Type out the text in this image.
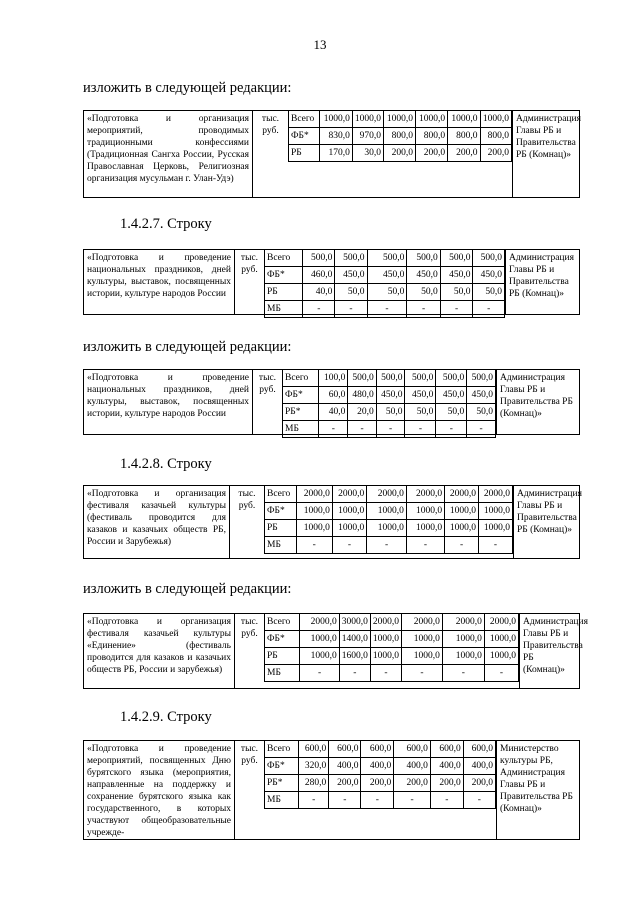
13
изложить в следующей редакции:
«Подготовка и организация мероприятий, проводимых традиционными конфессиями (Традиционная Сангха России, Русская Православная Церковь, Религиозная организация мусульман г. Улан-Удэ)
тыс. руб.
Всего	1000,0	1000,0	1000,0	1000,0	1000,0	1000,0
ФБ*	830,0	970,0	800,0	800,0	800,0	800,0
РБ	170,0	30,0	200,0	200,0	200,0	200,0
Администрация Главы РБ и Правительства РБ (Комнац)»
1.4.2.7. Строку
«Подготовка и проведение национальных праздников, дней культуры, выставок, посвященных истории, культуре народов России
тыс. руб.
Всего	500,0	500,0	500,0	500,0	500,0	500,0
ФБ*	460,0	450,0	450,0	450,0	450,0	450,0
РБ	40,0	50,0	50,0	50,0	50,0	50,0
МБ	-	-	-	-	-	-
Администрация Главы РБ и Правительства РБ (Комнац)»
изложить в следующей редакции:
«Подготовка и проведение национальных праздников, дней культуры, выставок, посвященных истории, культуре народов России
тыс. руб.
Всего	100,0	500,0	500,0	500,0	500,0	500,0
ФБ*	60,0	480,0	450,0	450,0	450,0	450,0
РБ*	40,0	20,0	50,0	50,0	50,0	50,0
МБ	-	-	-	-	-	-
Администрация Главы РБ и Правительства РБ (Комнац)»
1.4.2.8. Строку
«Подготовка и организация фестиваля казачьей культуры (фестиваль проводится для казаков и казачьих обществ РБ, России и Зарубежья)
тыс. руб.
Всего	2000,0	2000,0	2000,0	2000,0	2000,0	2000,0
ФБ*	1000,0	1000,0	1000,0	1000,0	1000,0	1000,0
РБ	1000,0	1000,0	1000,0	1000,0	1000,0	1000,0
МБ	-	-	-	-	-	-
Администрация Главы РБ и Правительства РБ (Комнац)»
изложить в следующей редакции:
«Подготовка и организация фестиваля казачьей культуры «Единение» (фестиваль проводится для казаков и казачьих обществ РБ, России и зарубежья)
тыс. руб.
Всего	2000,0	3000,0	2000,0	2000,0	2000,0	2000,0
ФБ*	1000,0	1400,0	1000,0	1000,0	1000,0	1000,0
РБ	1000,0	1600,0	1000,0	1000,0	1000,0	1000,0
МБ	-	-	-	-	-	-
Администрация Главы РБ и Правительства РБ (Комнац)»
1.4.2.9. Строку
«Подготовка и проведение мероприятий, посвященных Дню бурятского языка (мероприятия, направленные на поддержку и сохранение бурятского языка как государственного, в которых участвуют общеобразовательные учрежде-
тыс. руб.
Всего	600,0	600,0	600,0	600,0	600,0	600,0
ФБ*	320,0	400,0	400,0	400,0	400,0	400,0
РБ*	280,0	200,0	200,0	200,0	200,0	200,0
МБ	-	-	-	-	-	-
Министерство культуры РБ, Администрация Главы РБ и Правительства РБ (Комнац)»
